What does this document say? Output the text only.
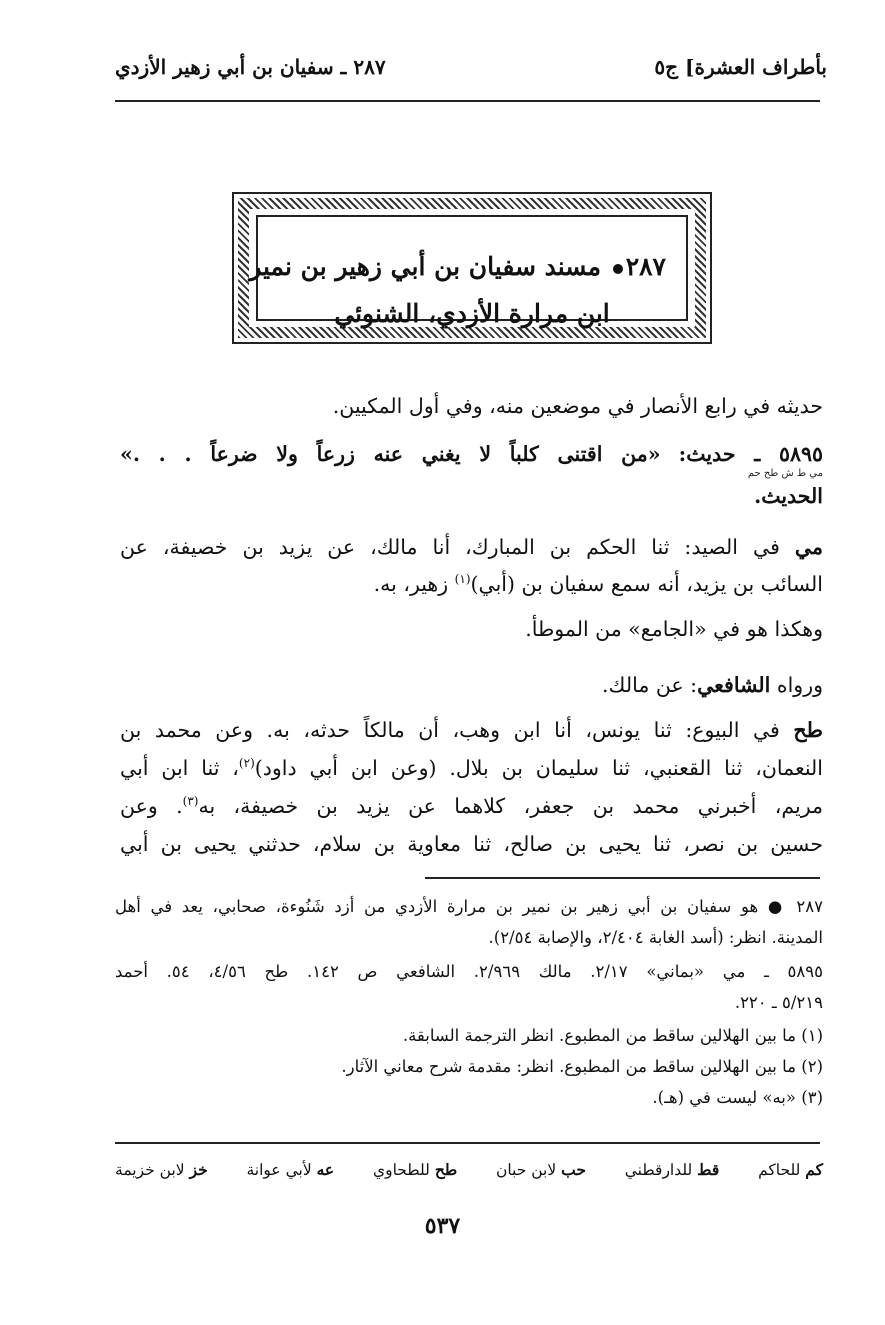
بأطراف العشرة] ج٥
٢٨٧ ـ سفيان بن أبي زهير الأزدي
٢٨٧ مسند سفيان بن أبي زهير بن نمير
ابن مرارة الأزدي، الشنوئي
حديثه في رابع الأنصار في موضعين منه، وفي أول المكيين.
٥٨٩٥ ـ حديث: «من اقتنى كلباً لا يغني عنه زرعاً ولا ضرعاً . . .»
مي ط ش طح حم
الحديث.
مي في الصيد: ثنا الحكم بن المبارك، أنا مالك، عن يزيد بن خصيفة، عن
السائب بن يزيد، أنه سمع سفيان بن (أبي)$^{(١)}$ زهير، به.
وهكذا هو في «الجامع» من الموطأ.
ورواه الشافعي: عن مالك.
طح في البيوع: ثنا يونس، أنا ابن وهب، أن مالكاً حدثه، به. وعن محمد بن
النعمان، ثنا القعنبي، ثنا سليمان بن بلال. (وعن ابن أبي داود)$^{(٢)}$، ثنا ابن أبي
مريم، أخبرني محمد بن جعفر، كلاهما عن يزيد بن خصيفة، به$^{(٣)}$. وعن
حسين بن نصر، ثنا يحيى بن صالح، ثنا معاوية بن سلام، حدثني يحيى بن أبي
٢٨٧ ● هو سفيان بن أبي زهير بن نمير بن مرارة الأزدي من أزد شَنُوءة، صحابي، يعد في أهل
المدينة. انظر: (أسد الغابة ٢/٤٠٤، والإصابة ٢/٥٤).
٥٨٩٥ ـ مي «بماني» ٢/١٧. مالك ٢/٩٦٩. الشافعي ص ١٤٢. طح ٤/٥٦، ٥٤. أحمد
٥/٢١٩ ـ ٢٢٠.
(١) ما بين الهلالين ساقط من المطبوع. انظر الترجمة السابقة.
(٢) ما بين الهلالين ساقط من المطبوع. انظر: مقدمة شرح معاني الآثار.
(٣) «به» ليست في (هـ).
خز لابن خزيمة	عه لأبي عوانة	طح للطحاوي	حب لابن حبان	قط للدارقطني	كم للحاكم
٥٣٧
